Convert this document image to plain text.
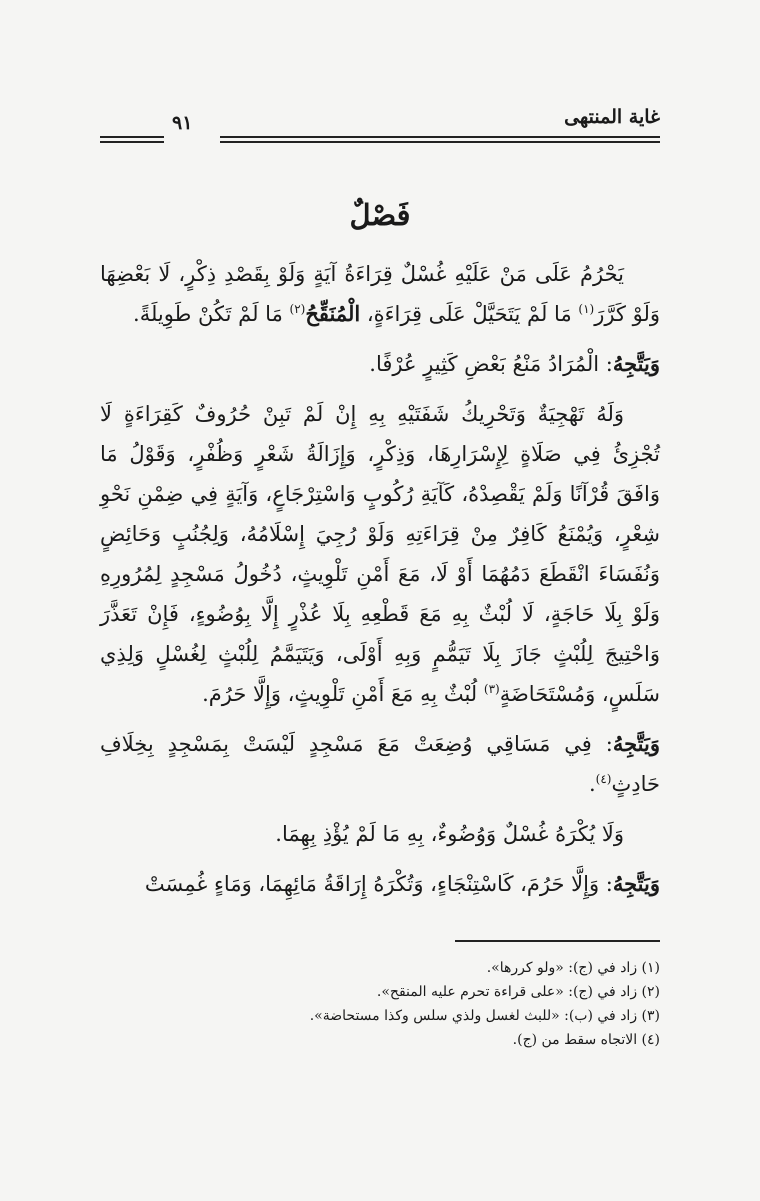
غاية المنتهى
٩١
فَصْلٌ

يَحْرُمُ عَلَى مَنْ عَلَيْهِ غُسْلٌ قِرَاءَةُ آيَةٍ وَلَوْ بِقَصْدِ ذِكْرٍ، لَا بَعْضِهَا وَلَوْ كَرَّرَ$^{(١)}$ مَا لَمْ يَتَحَيَّلْ عَلَى قِرَاءَةٍ، الْمُنَقِّحُ$^{(٢)}$ مَا لَمْ تَكُنْ طَوِيلَةً.

وَيَتَّجِهُ: الْمُرَادُ مَنْعُ بَعْضِ كَثِيرٍ عُرْفًا.

وَلَهُ تَهْجِيَةٌ وَتَحْرِيكُ شَفَتَيْهِ بِهِ إِنْ لَمْ تَبِنْ حُرُوفٌ كَقِرَاءَةٍ لَا تُجْزِئُ فِي صَلَاةٍ لِإِسْرَارِهَا، وَذِكْرٍ، وَإِزَالَةُ شَعْرٍ وَظُفْرٍ، وَقَوْلُ مَا وَافَقَ قُرْآنًا وَلَمْ يَقْصِدْهُ، كَآيَةِ رُكُوبٍ وَاسْتِرْجَاعٍ، وَآيَةٍ فِي ضِمْنِ نَحْوِ شِعْرٍ، وَيُمْنَعُ كَافِرٌ مِنْ قِرَاءَتِهِ وَلَوْ رُجِيَ إِسْلَامُهُ، وَلِجُنُبٍ وَحَائِضٍ وَنُفَسَاءَ انْقَطَعَ دَمُهُمَا أَوْ لَا، مَعَ أَمْنِ تَلْوِيثٍ، دُخُولُ مَسْجِدٍ لِمُرُورِهِ وَلَوْ بِلَا حَاجَةٍ، لَا لُبْثٌ بِهِ مَعَ قَطْعِهِ بِلَا عُذْرٍ إِلَّا بِوُضُوءٍ، فَإِنْ تَعَذَّرَ وَاحْتِيجَ لِلُبْثٍ جَازَ بِلَا تَيَمُّمٍ وَبِهِ أَوْلَى، وَيَتَيَمَّمُ لِلُبْثٍ لِغُسْلٍ وَلِذِي سَلَسٍ، وَمُسْتَحَاضَةٍ$^{(٣)}$ لُبْثٌ بِهِ مَعَ أَمْنِ تَلْوِيثٍ، وَإِلَّا حَرُمَ.

وَيَتَّجِهُ: فِي مَسَاقِي وُضِعَتْ مَعَ مَسْجِدٍ لَيْسَتْ بِمَسْجِدٍ بِخِلَافِ حَادِثٍ$^{(٤)}$.

وَلَا يُكْرَهُ غُسْلٌ وَوُضُوءٌ، بِهِ مَا لَمْ يُؤْذِ بِهِمَا.

وَيَتَّجِهُ: وَإِلَّا حَرُمَ، كَاسْتِنْجَاءٍ، وَتُكْرَهُ إِرَاقَةُ مَائِهِمَا، وَمَاءٍ غُمِسَتْ

(١) زاد في (ج): «ولو كررها».
(٢) زاد في (ج): «على قراءة تحرم عليه المنقح».
(٣) زاد في (ب): «للبث لغسل ولذي سلس وكذا مستحاضة».
(٤) الاتجاه سقط من (ج).
